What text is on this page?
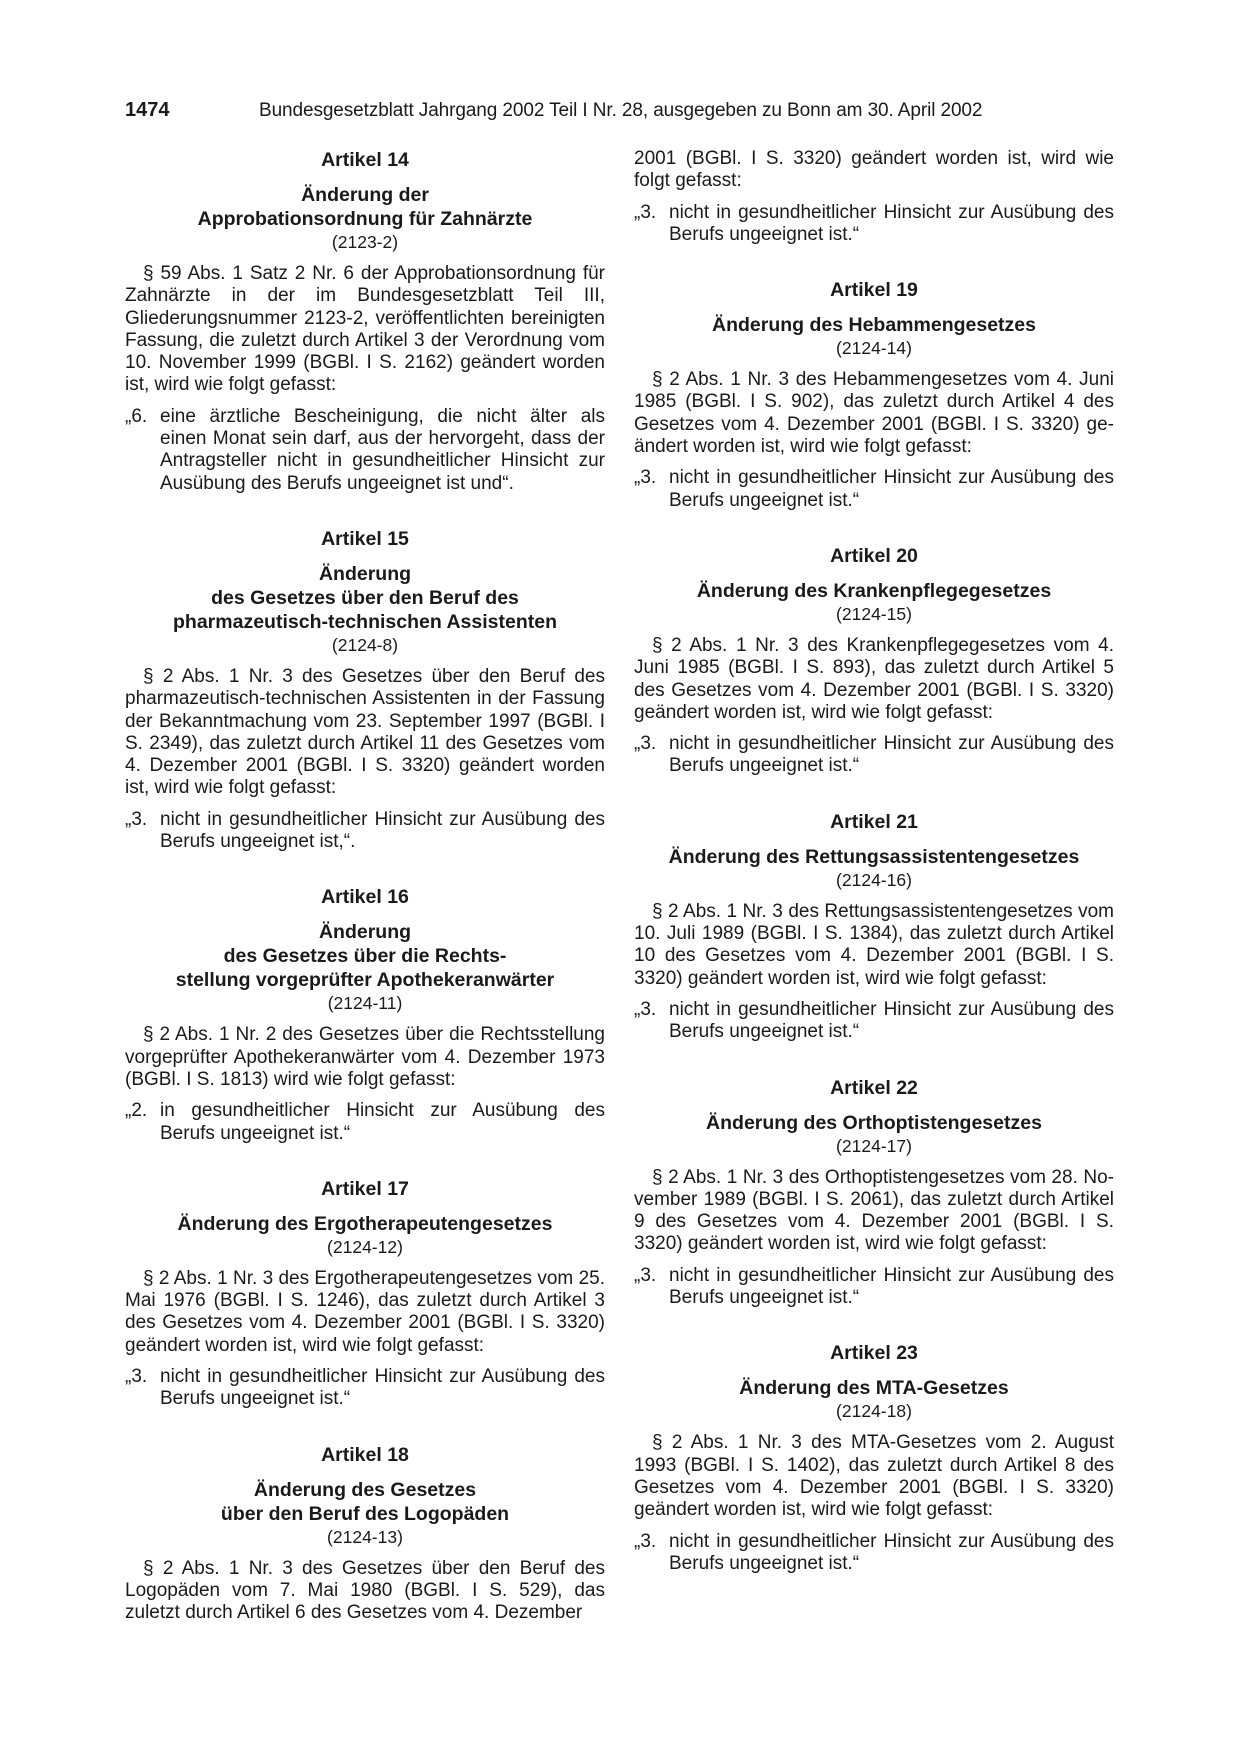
1474	Bundesgesetzblatt Jahrgang 2002 Teil I Nr. 28, ausgegeben zu Bonn am 30. April 2002
Artikel 14
Änderung der
Approbationsordnung für Zahnärzte
(2123-2)

§ 59 Abs. 1 Satz 2 Nr. 6 der Approbationsordnung für Zahnärzte in der im Bundesgesetzblatt Teil III, Gliederungsnummer 2123-2, veröffentlichten bereinigten Fassung, die zuletzt durch Artikel 3 der Verordnung vom 10. November 1999 (BGBl. I S. 2162) geändert worden ist, wird wie folgt gefasst:

„6. eine ärztliche Bescheinigung, die nicht älter als einen Monat sein darf, aus der hervorgeht, dass der Antragsteller nicht in gesundheitlicher Hinsicht zur Ausübung des Berufs ungeeignet ist und“.

Artikel 15
Änderung
des Gesetzes über den Beruf des
pharmazeutisch-technischen Assistenten
(2124-8)

§ 2 Abs. 1 Nr. 3 des Gesetzes über den Beruf des pharmazeutisch-technischen Assistenten in der Fassung der Bekanntmachung vom 23. September 1997 (BGBl. I S. 2349), das zuletzt durch Artikel 11 des Gesetzes vom 4. Dezember 2001 (BGBl. I S. 3320) geändert worden ist, wird wie folgt gefasst:

„3. nicht in gesundheitlicher Hinsicht zur Ausübung des Berufs ungeeignet ist,“.

Artikel 16
Änderung
des Gesetzes über die Rechts-
stellung vorgeprüfter Apothekeranwärter
(2124-11)

§ 2 Abs. 1 Nr. 2 des Gesetzes über die Rechtsstellung vorgeprüfter Apothekeranwärter vom 4. Dezember 1973 (BGBl. I S. 1813) wird wie folgt gefasst:

„2. in gesundheitlicher Hinsicht zur Ausübung des Berufs ungeeignet ist.“

Artikel 17
Änderung des Ergotherapeutengesetzes
(2124-12)

§ 2 Abs. 1 Nr. 3 des Ergotherapeutengesetzes vom 25. Mai 1976 (BGBl. I S. 1246), das zuletzt durch Artikel 3 des Gesetzes vom 4. Dezember 2001 (BGBl. I S. 3320) geändert worden ist, wird wie folgt gefasst:

„3. nicht in gesundheitlicher Hinsicht zur Ausübung des Berufs ungeeignet ist.“

Artikel 18
Änderung des Gesetzes
über den Beruf des Logopäden
(2124-13)

§ 2 Abs. 1 Nr. 3 des Gesetzes über den Beruf des Logopäden vom 7. Mai 1980 (BGBl. I S. 529), das zuletzt durch Artikel 6 des Gesetzes vom 4. Dezember

2001 (BGBl. I S. 3320) geändert worden ist, wird wie folgt gefasst:

„3. nicht in gesundheitlicher Hinsicht zur Ausübung des Berufs ungeeignet ist.“

Artikel 19
Änderung des Hebammengesetzes
(2124-14)

§ 2 Abs. 1 Nr. 3 des Hebammengesetzes vom 4. Juni 1985 (BGBl. I S. 902), das zuletzt durch Artikel 4 des Gesetzes vom 4. Dezember 2001 (BGBl. I S. 3320) geändert worden ist, wird wie folgt gefasst:

„3. nicht in gesundheitlicher Hinsicht zur Ausübung des Berufs ungeeignet ist.“

Artikel 20
Änderung des Krankenpflegegesetzes
(2124-15)

§ 2 Abs. 1 Nr. 3 des Krankenpflegegesetzes vom 4. Juni 1985 (BGBl. I S. 893), das zuletzt durch Artikel 5 des Gesetzes vom 4. Dezember 2001 (BGBl. I S. 3320) geändert worden ist, wird wie folgt gefasst:

„3. nicht in gesundheitlicher Hinsicht zur Ausübung des Berufs ungeeignet ist.“

Artikel 21
Änderung des Rettungsassistentengesetzes
(2124-16)

§ 2 Abs. 1 Nr. 3 des Rettungsassistentengesetzes vom 10. Juli 1989 (BGBl. I S. 1384), das zuletzt durch Artikel 10 des Gesetzes vom 4. Dezember 2001 (BGBl. I S. 3320) geändert worden ist, wird wie folgt gefasst:

„3. nicht in gesundheitlicher Hinsicht zur Ausübung des Berufs ungeeignet ist.“

Artikel 22
Änderung des Orthoptistengesetzes
(2124-17)

§ 2 Abs. 1 Nr. 3 des Orthoptistengesetzes vom 28. November 1989 (BGBl. I S. 2061), das zuletzt durch Artikel 9 des Gesetzes vom 4. Dezember 2001 (BGBl. I S. 3320) geändert worden ist, wird wie folgt gefasst:

„3. nicht in gesundheitlicher Hinsicht zur Ausübung des Berufs ungeeignet ist.“

Artikel 23
Änderung des MTA-Gesetzes
(2124-18)

§ 2 Abs. 1 Nr. 3 des MTA-Gesetzes vom 2. August 1993 (BGBl. I S. 1402), das zuletzt durch Artikel 8 des Gesetzes vom 4. Dezember 2001 (BGBl. I S. 3320) geändert worden ist, wird wie folgt gefasst:

„3. nicht in gesundheitlicher Hinsicht zur Ausübung des Berufs ungeeignet ist.“
